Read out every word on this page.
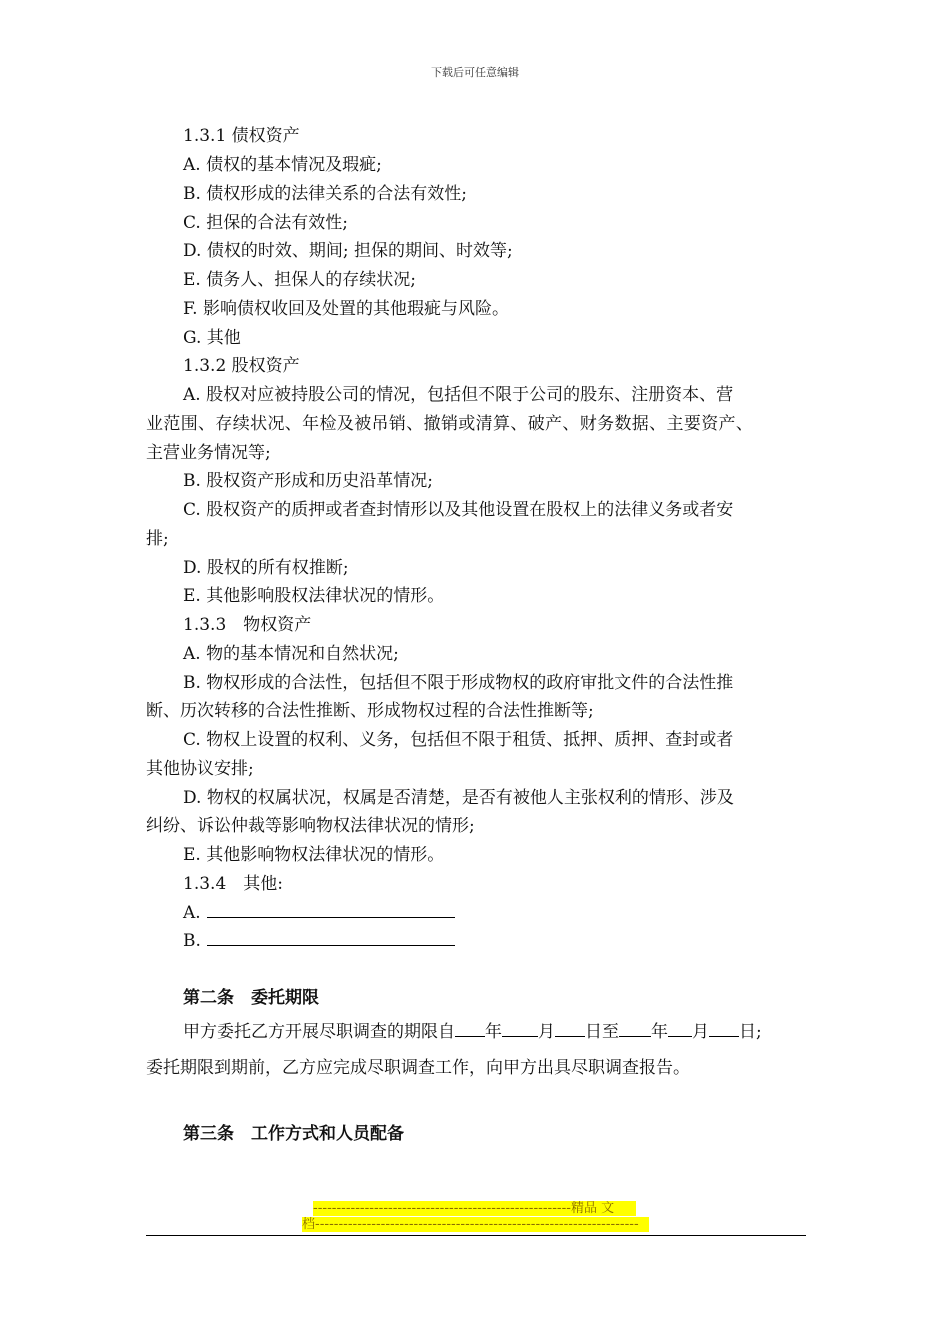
下载后可任意编辑
1.3.1 债权资产
A. 债权的基本情况及瑕疵;
B. 债权形成的法律关系的合法有效性;
C. 担保的合法有效性;
D. 债权的时效、期间; 担保的期间、时效等;
E. 债务人、担保人的存续状况;
F. 影响债权收回及处置的其他瑕疵与风险。
G. 其他
1.3.2 股权资产
A. 股权对应被持股公司的情况，包括但不限于公司的股东、注册资本、营
业范围、存续状况、年检及被吊销、撤销或清算、破产、财务数据、主要资产、
主营业务情况等;
B. 股权资产形成和历史沿革情况;
C. 股权资产的质押或者查封情形以及其他设置在股权上的法律义务或者安
排;
D. 股权的所有权推断;
E. 其他影响股权法律状况的情形。
1.3.3　物权资产
A. 物的基本情况和自然状况;
B. 物权形成的合法性，包括但不限于形成物权的政府审批文件的合法性推
断、历次转移的合法性推断、形成物权过程的合法性推断等;
C. 物权上设置的权利、义务，包括但不限于租赁、抵押、质押、查封或者
其他协议安排;
D. 物权的权属状况，权属是否清楚，是否有被他人主张权利的情形、涉及
纠纷、诉讼仲裁等影响物权法律状况的情形;
E. 其他影响物权法律状况的情形。
1.3.4　其他:
A.
B.
第二条　委托期限
甲方委托乙方开展尽职调查的期限自 年 月 日至 年 月 日;
委托期限到期前，乙方应完成尽职调查工作，向甲方出具尽职调查报告。
第三条　工作方式和人员配备
-------------------------------------------------------精品 文
档---------------------------------------------------------------------
